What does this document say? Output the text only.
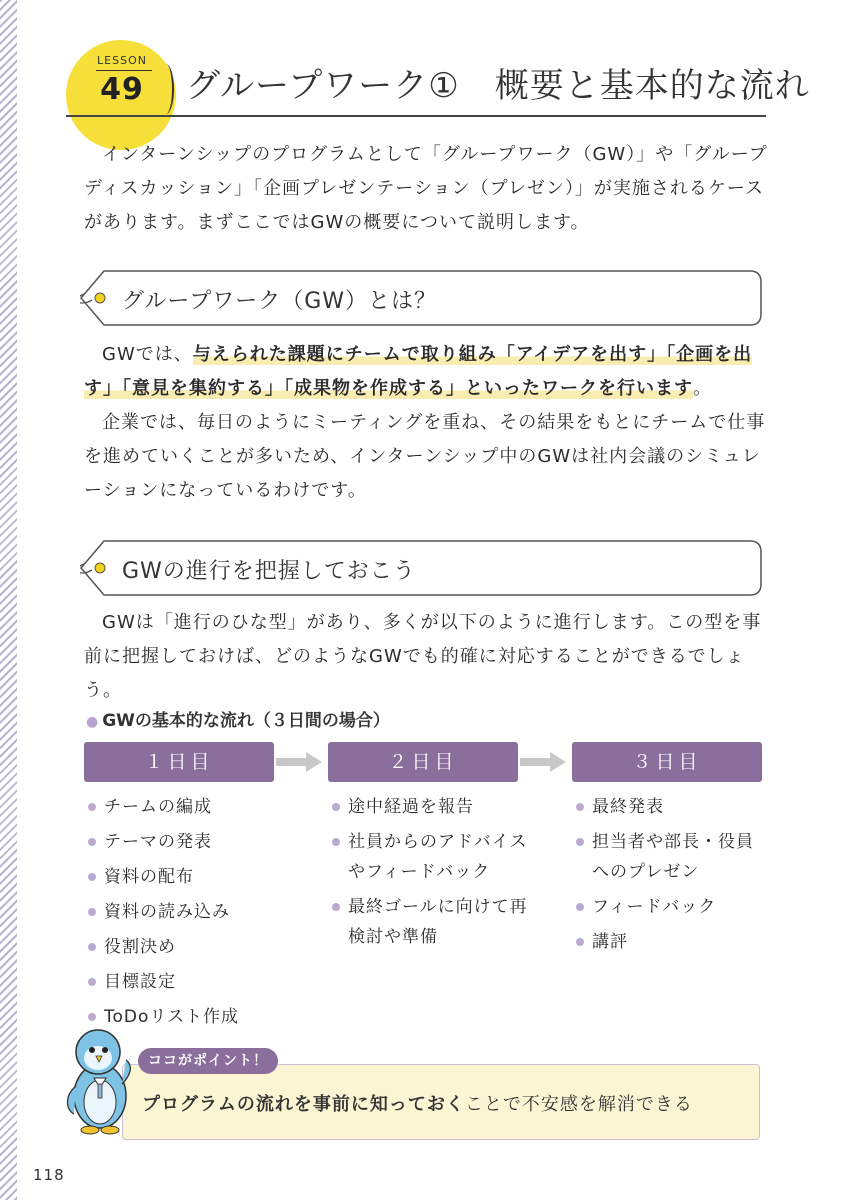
LESSON
49 グループワーク①　概要と基本的な流れ

インターンシップのプログラムとして「グループワーク（GW）」や「グループディスカッション」「企画プレゼンテーション（プレゼン）」が実施されるケースがあります。まずここではGWの概要について説明します。

グループワーク（GW）とは？

GWでは、与えられた課題にチームで取り組み「アイデアを出す」「企画を出す」「意見を集約する」「成果物を作成する」といったワークを行います。

企業では、毎日のようにミーティングを重ね、その結果をもとにチームで仕事を進めていくことが多いため、インターンシップ中のGWは社内会議のシミュレーションになっているわけです。

GWの進行を把握しておこう

GWは「進行のひな型」があり、多くが以下のように進行します。この型を事前に把握しておけば、どのようなGWでも的確に対応することができるでしょう。

● GWの基本的な流れ（３日間の場合）
１日目	２日目	３日目
チームの編成
テーマの発表
資料の配布
資料の読み込み
役割決め
目標設定
ToDoリスト作成
途中経過を報告
社員からのアドバイスやフィードバック
最終ゴールに向けて再検討や準備
最終発表
担当者や部長・役員へのプレゼン
フィードバック
講評
ココがポイント！
プログラムの流れを事前に知っておくことで不安感を解消できる
118
